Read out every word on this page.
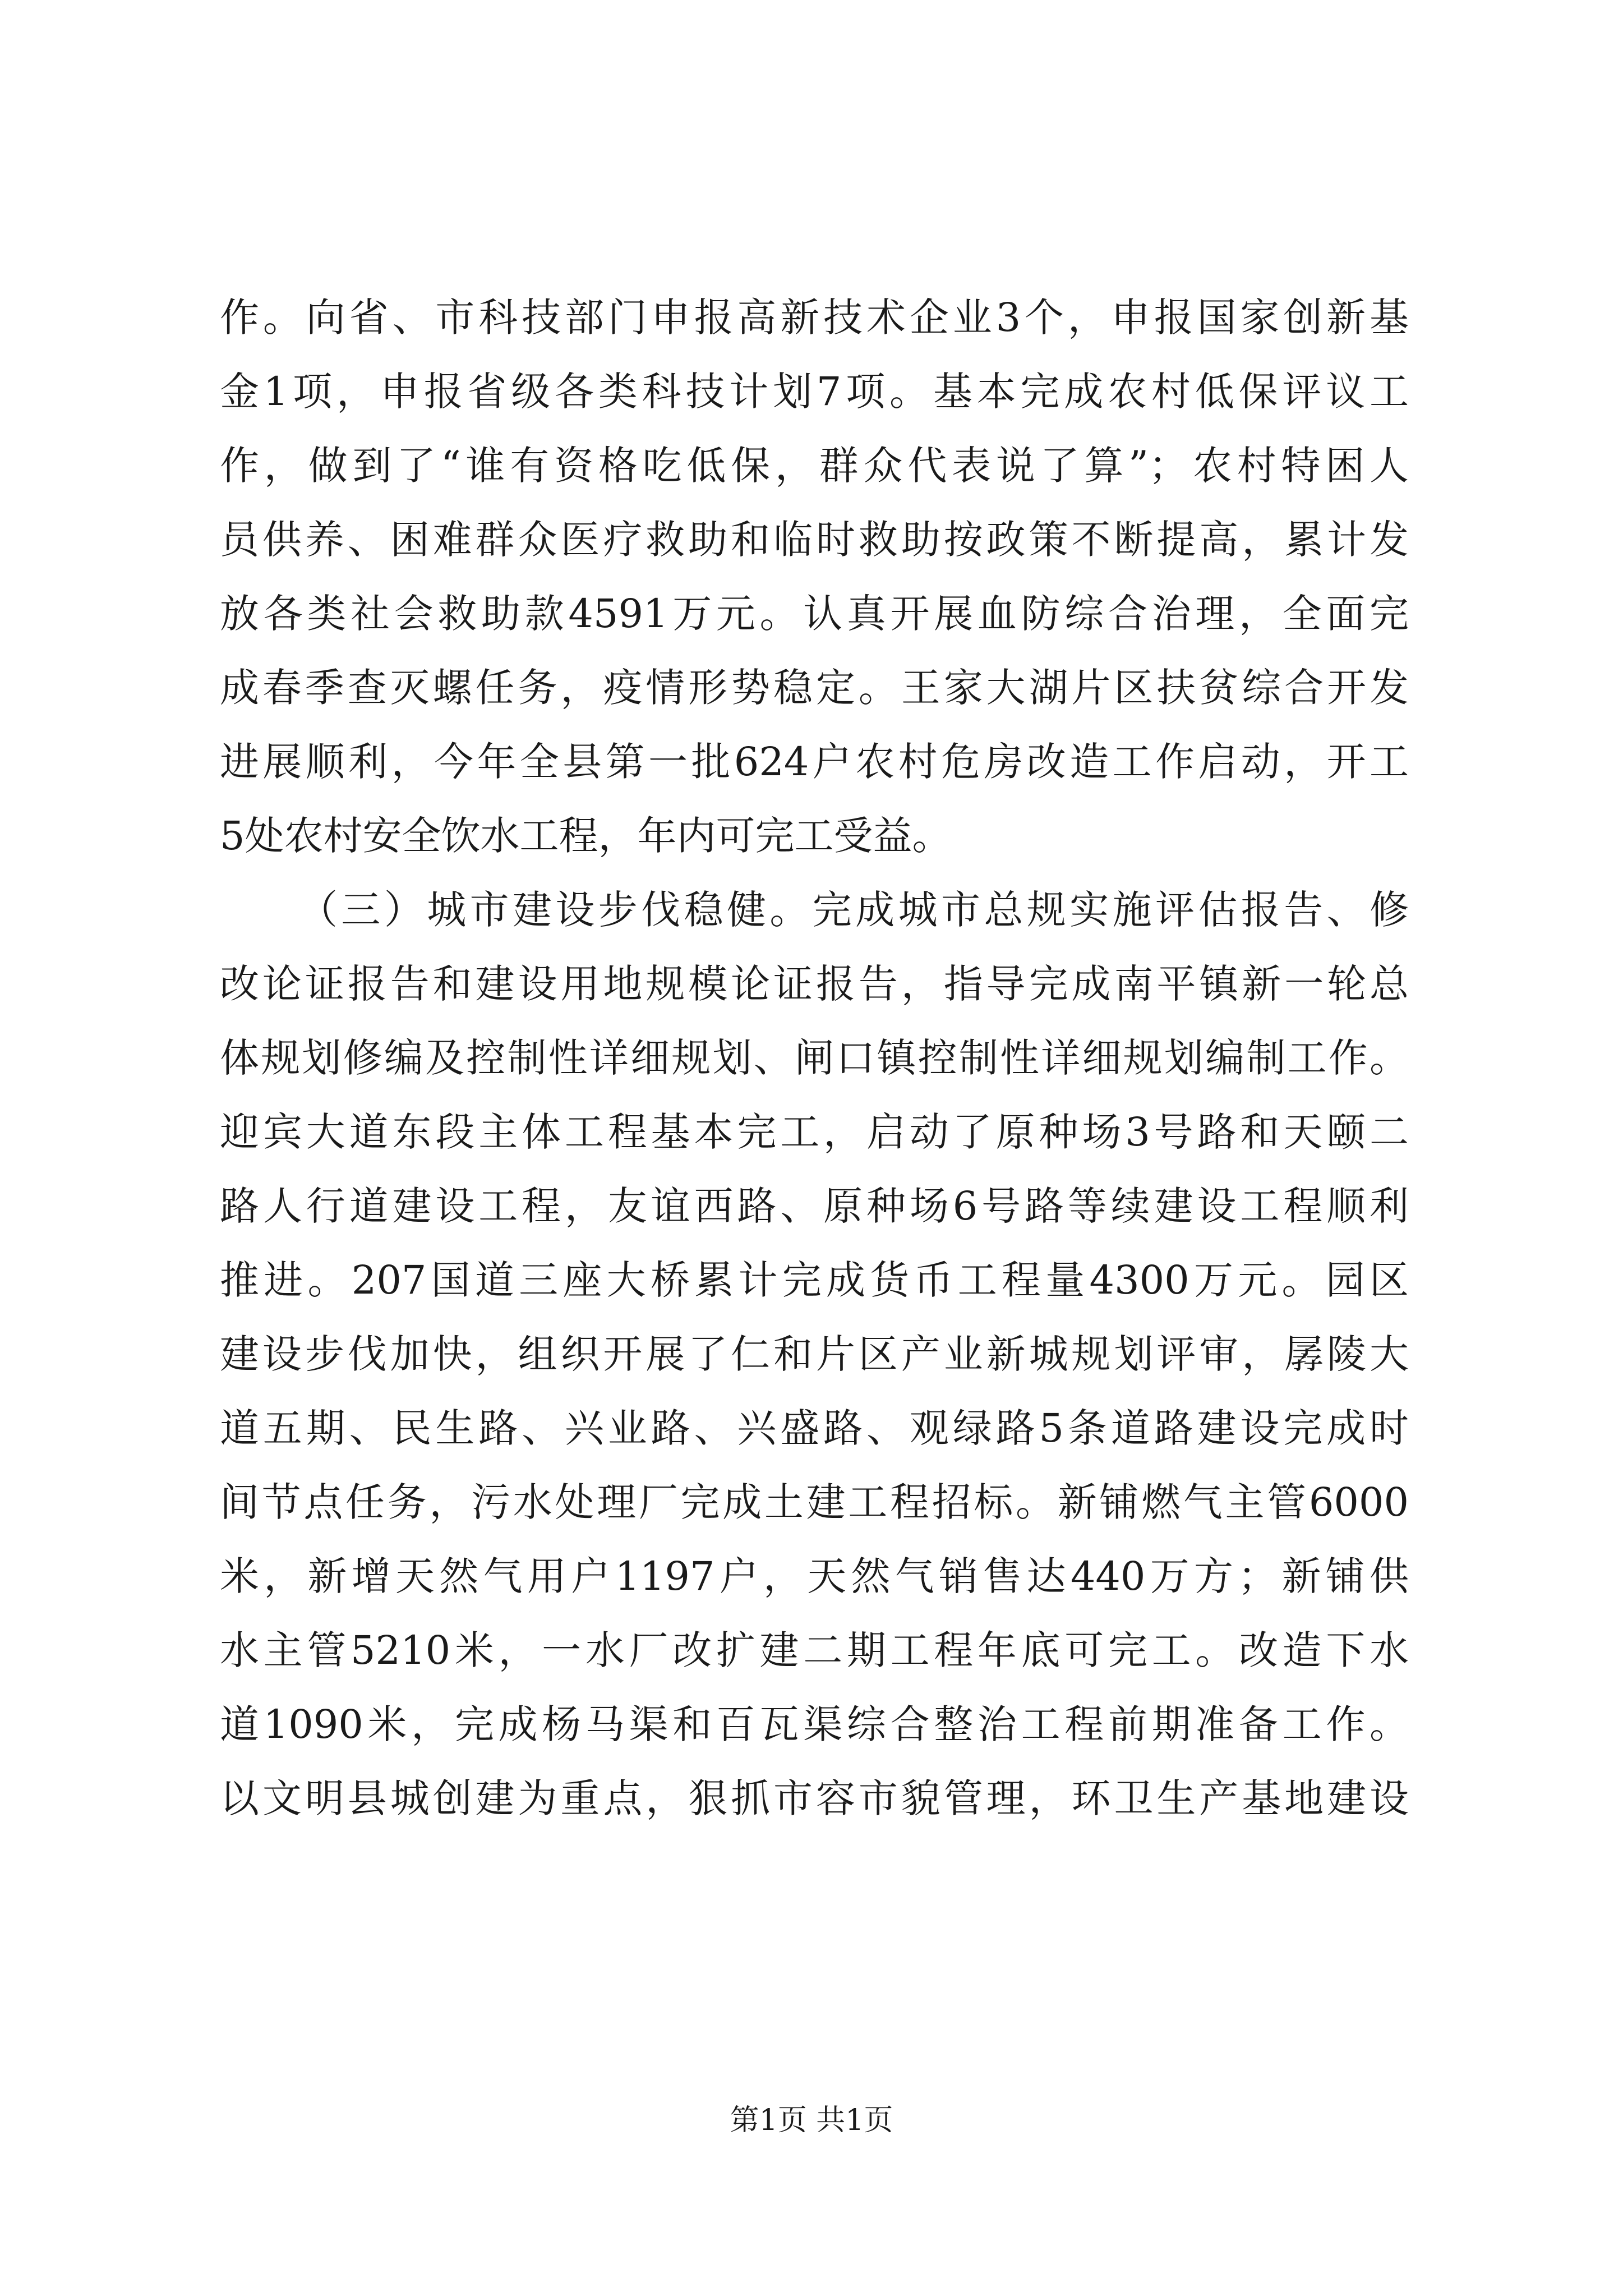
作。向省、市科技部门申报高新技术企业3个，申报国家创新基
金1项，申报省级各类科技计划7项。基本完成农村低保评议工
作，做到了“谁有资格吃低保，群众代表说了算”；农村特困人
员供养、困难群众医疗救助和临时救助按政策不断提高，累计发
放各类社会救助款4591万元。认真开展血防综合治理，全面完
成春季查灭螺任务，疫情形势稳定。王家大湖片区扶贫综合开发
进展顺利，今年全县第一批624户农村危房改造工作启动，开工
5处农村安全饮水工程，年内可完工受益。
（三）城市建设步伐稳健。完成城市总规实施评估报告、修
改论证报告和建设用地规模论证报告，指导完成南平镇新一轮总
体规划修编及控制性详细规划、闸口镇控制性详细规划编制工作。
迎宾大道东段主体工程基本完工，启动了原种场3号路和天颐二
路人行道建设工程，友谊西路、原种场6号路等续建设工程顺利
推进。207国道三座大桥累计完成货币工程量4300万元。园区
建设步伐加快，组织开展了仁和片区产业新城规划评审，孱陵大
道五期、民生路、兴业路、兴盛路、观绿路5条道路建设完成时
间节点任务，污水处理厂完成土建工程招标。新铺燃气主管6000
米，新增天然气用户1197户，天然气销售达440万方；新铺供
水主管5210米，一水厂改扩建二期工程年底可完工。改造下水
道1090米，完成杨马渠和百瓦渠综合整治工程前期准备工作。
以文明县城创建为重点，狠抓市容市貌管理，环卫生产基地建设
第1页 共1页
